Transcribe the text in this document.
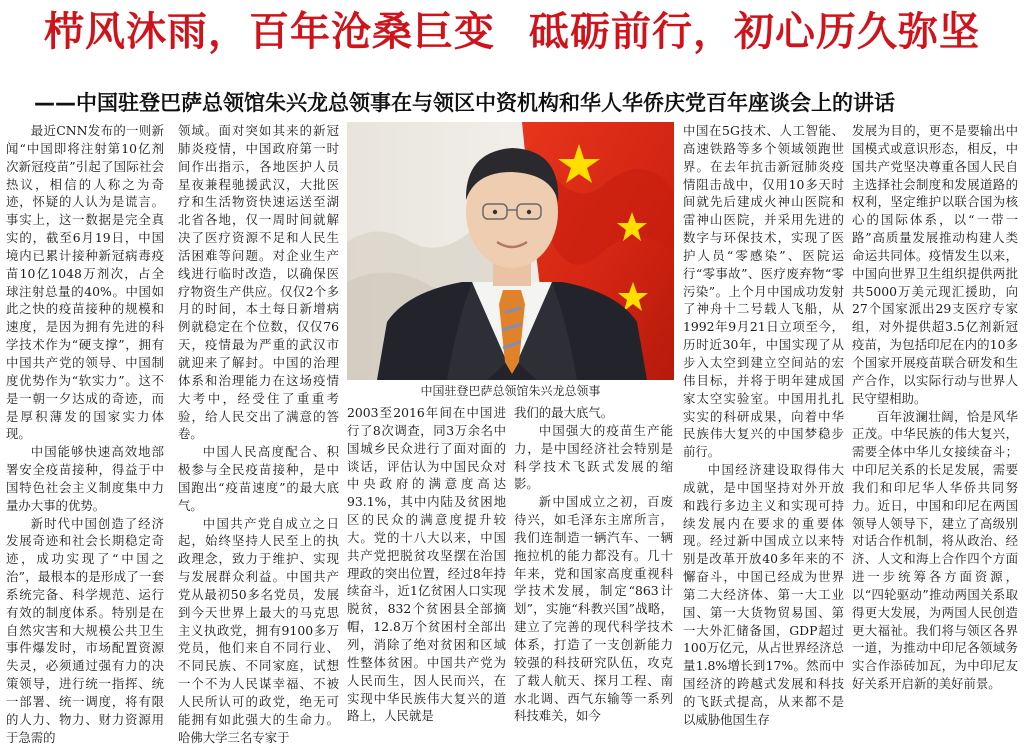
栉风沐雨，百年沧桑巨变 砥砺前行，初心历久弥坚
——中国驻登巴萨总领馆朱兴龙总领事在与领区中资机构和华人华侨庆党百年座谈会上的讲话

最近CNN发布的一则新闻“中国即将注射第10亿剂次新冠疫苗”引起了国际社会热议，相信的人称之为奇迹，怀疑的人认为是谎言。事实上，这一数据是完全真实的，截至6月19日，中国境内已累计接种新冠病毒疫苗10亿1048万剂次，占全球注射总量的40%。中国如此之快的疫苗接种的规模和速度，是因为拥有先进的科学技术作为“硬支撑”，拥有中国共产党的领导、中国制度优势作为“软实力”。这不是一朝一夕达成的奇迹，而是厚积薄发的国家实力体现。

中国能够快速高效地部署安全疫苗接种，得益于中国特色社会主义制度集中力量办大事的优势。

新时代中国创造了经济发展奇迹和社会长期稳定奇迹，成功实现了“中国之治”，最根本的是形成了一套系统完备、科学规范、运行有效的制度体系。特别是在自然灾害和大规模公共卫生事件爆发时，市场配置资源失灵，必须通过强有力的决策领导，进行统一指挥、统一部署、统一调度，将有限的人力、物力、财力资源用于急需的

领域。面对突如其来的新冠肺炎疫情，中国政府第一时间作出指示，各地医护人员星夜兼程驰援武汉，大批医疗和生活物资快速运送至湖北省各地，仅一周时间就解决了医疗资源不足和人民生活困难等问题。对企业生产线进行临时改造，以确保医疗物资生产供应。仅仅2个多月的时间，本土每日新增病例就稳定在个位数，仅仅76天，疫情最为严重的武汉市就迎来了解封。中国的治理体系和治理能力在这场疫情大考中，经受住了重重考验，给人民交出了满意的答卷。

中国人民高度配合、积极参与全民疫苗接种，是中国跑出“疫苗速度”的最大底气。

中国共产党自成立之日起，始终坚持人民至上的执政理念，致力于维护、实现与发展群众利益。中国共产党从最初50多名党员，发展到今天世界上最大的马克思主义执政党，拥有9100多万党员，他们来自不同行业、不同民族、不同家庭，试想一个不为人民谋幸福、不被人民所认可的政党，绝无可能拥有如此强大的生命力。哈佛大学三名专家于

中国驻登巴萨总领馆朱兴龙总领事

2003至2016年间在中国进行了8次调查，同3万余名中国城乡民众进行了面对面的谈话，评估认为中国民众对中央政府的满意度高达93.1%，其中内陆及贫困地区的民众的满意度提升较大。党的十八大以来，中国共产党把脱贫攻坚摆在治国理政的突出位置，经过8年持续奋斗，近1亿贫困人口实现脱贫，832个贫困县全部摘帽，12.8万个贫困村全部出列，消除了绝对贫困和区域性整体贫困。中国共产党为人民而生，因人民而兴，在实现中华民族伟大复兴的道路上，人民就是

我们的最大底气。

中国强大的疫苗生产能力，是中国经济社会特别是科学技术飞跃式发展的缩影。

新中国成立之初，百废待兴，如毛泽东主席所言，我们连制造一辆汽车、一辆拖拉机的能力都没有。几十年来，党和国家高度重视科学技术发展，制定“863计划”，实施“科教兴国”战略，建立了完善的现代科学技术体系，打造了一支创新能力较强的科技研究队伍，攻克了载人航天、探月工程、南水北调、西气东输等一系列科技难关，如今

中国在5G技术、人工智能、高速铁路等多个领域领跑世界。在去年抗击新冠肺炎疫情阻击战中，仅用10多天时间就先后建成火神山医院和雷神山医院，并采用先进的数字与环保技术，实现了医护人员“零感染”、医院运行“零事故”、医疗废弃物“零污染”。上个月中国成功发射了神舟十二号载人飞船，从1992年9月21日立项至今，历时近30年，中国实现了从步入太空到建立空间站的宏伟目标，并将于明年建成国家太空实验室。中国用扎扎实实的科研成果，向着中华民族伟大复兴的中国梦稳步前行。

中国经济建设取得伟大成就，是中国坚持对外开放和践行多边主义和实现可持续发展内在要求的重要体现。经过新中国成立以来特别是改革开放40多年来的不懈奋斗，中国已经成为世界第二大经济体、第一大工业国、第一大货物贸易国、第一大外汇储备国，GDP超过100万亿元，从占世界经济总量1.8%增长到17%。然而中国经济的跨越式发展和科技的飞跃式提高，从来都不是以威胁他国生存

发展为目的，更不是要输出中国模式或意识形态，相反，中国共产党坚决尊重各国人民自主选择社会制度和发展道路的权利，坚定维护以联合国为核心的国际体系，以“一带一路”高质量发展推动构建人类命运共同体。疫情发生以来，中国向世界卫生组织提供两批共5000万美元现汇援助，向27个国家派出29支医疗专家组，对外提供超3.5亿剂新冠疫苗，为包括印尼在内的10多个国家开展疫苗联合研发和生产合作，以实际行动与世界人民守望相助。

百年波澜壮阔，恰是风华正茂。中华民族的伟大复兴，需要全体中华儿女接续奋斗；中印尼关系的长足发展，需要我们和印尼华人华侨共同努力。近日，中国和印尼在两国领导人领导下，建立了高级别对话合作机制，将从政治、经济、人文和海上合作四个方面进一步统筹各方面资源，以“四轮驱动”推动两国关系取得更大发展，为两国人民创造更大福祉。我们将与领区各界一道，为推动中印尼各领域务实合作添砖加瓦，为中印尼友好关系开启新的美好前景。
